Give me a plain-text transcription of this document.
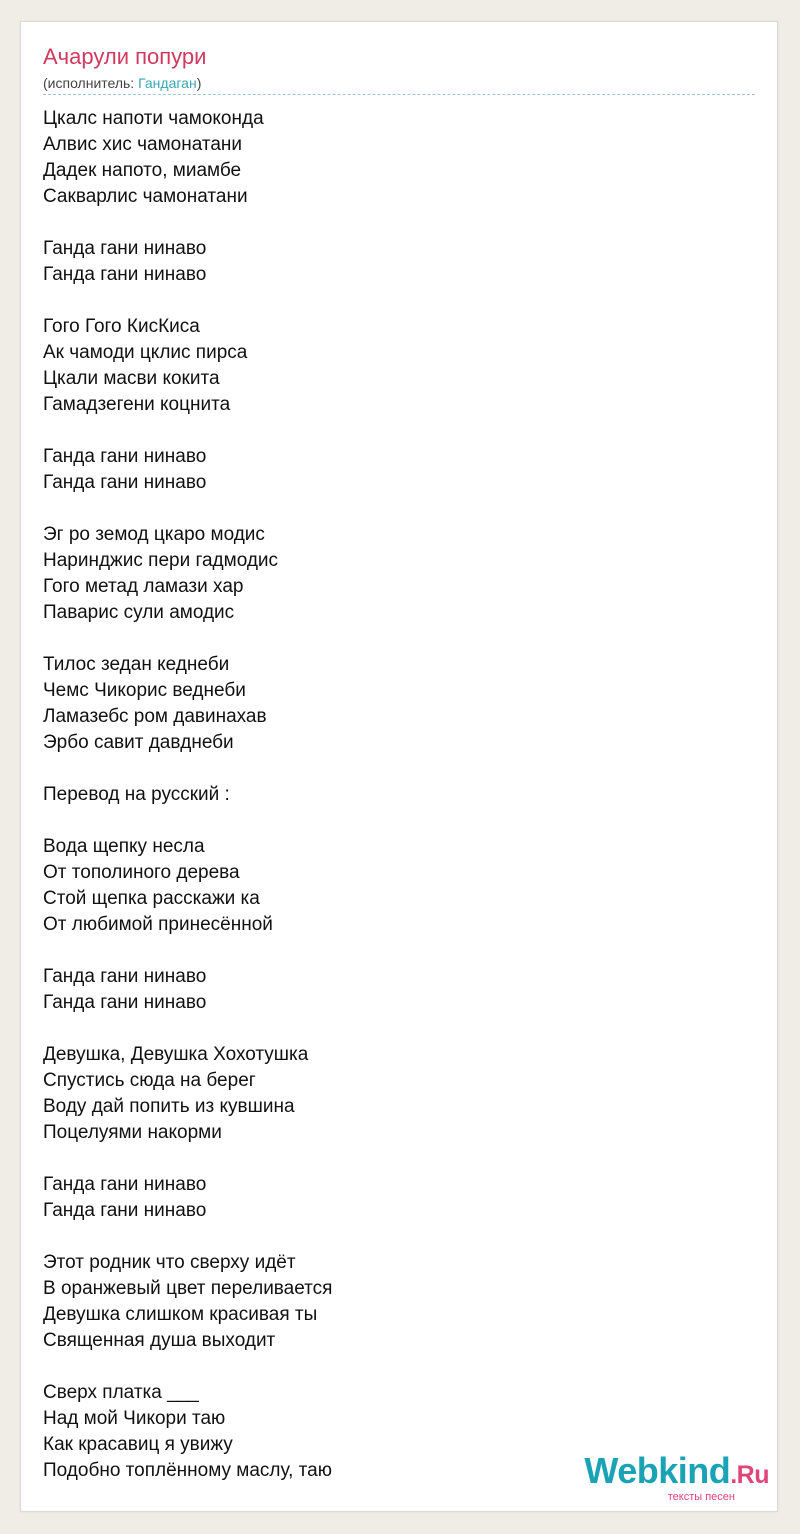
Ачарули попури
(исполнитель: Гандаган)
Цкалс напоти чамоконда
Алвис хис чамонатани
Дадек напото, миамбе
Сакварлис чамонатани
Ганда гани нинаво
Ганда гани нинаво
Гого Гого КисКиса
Ак чамоди цклис пирса
Цкали масви кокита
Гамадзегени коцнита
Ганда гани нинаво
Ганда гани нинаво
Эг ро земод цкаро модис
Наринджис пери гадмодис
Гого метад ламази хар
Паварис сули амодис
Тилос зедан кеднеби
Чемс Чикорис веднеби
Ламазебс ром давинахав
Эрбо савит давднеби
Перевод на русский :
Вода щепку несла
От тополиного дерева
Стой щепка расскажи ка
От любимой принесённой
Ганда гани нинаво
Ганда гани нинаво
Девушка, Девушка Хохотушка
Спустись сюда на берег
Воду дай попить из кувшина
Поцелуями накорми
Ганда гани нинаво
Ганда гани нинаво
Этот родник что сверху идёт
В оранжевый цвет переливается
Девушка слишком красивая ты
Священная душа выходит
Сверх платка ___
Над мой Чикори таю
Как красавиц я увижу
Подобно топлённому маслу, таю	Webkind.Ru
тексты песен
